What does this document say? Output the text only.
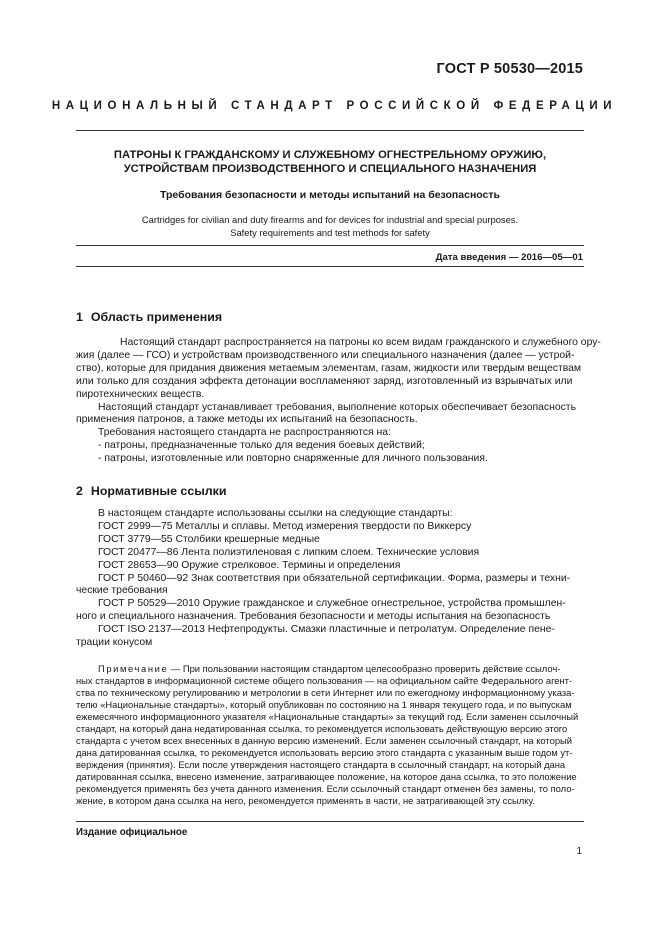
ГОСТ Р 50530—2015
НАЦИОНАЛЬНЫЙ СТАНДАРТ РОССИЙСКОЙ ФЕДЕРАЦИИ
ПАТРОНЫ К ГРАЖДАНСКОМУ И СЛУЖЕБНОМУ ОГНЕСТРЕЛЬНОМУ ОРУЖИЮ,
УСТРОЙСТВАМ ПРОИЗВОДСТВЕННОГО И СПЕЦИАЛЬНОГО НАЗНАЧЕНИЯ
Требования безопасности и методы испытаний на безопасность
Cartridges for civilian and duty firearms and for devices for industrial and special purposes.
Safety requirements and test methods for safety
Дата введения — 2016—05—01
1 Область применения
Настоящий стандарт распространяется на патроны ко всем видам гражданского и служебного ору-
жия (далее — ГСО) и устройствам производственного или специального назначения (далее — устрой-
ство), которые для придания движения метаемым элементам, газам, жидкости или твердым веществам
или только для создания эффекта детонации воспламеняют заряд, изготовленный из взрывчатых или
пиротехнических веществ.
Настоящий стандарт устанавливает требования, выполнение которых обеспечивает безопасность
применения патронов, а также методы их испытаний на безопасность.
Требования настоящего стандарта не распространяются на:
- патроны, предназначенные только для ведения боевых действий;
- патроны, изготовленные или повторно снаряженные для личного пользования.
2 Нормативные ссылки
В настоящем стандарте использованы ссылки на следующие стандарты:
ГОСТ 2999—75 Металлы и сплавы. Метод измерения твердости по Виккерсу
ГОСТ 3779—55 Столбики крешерные медные
ГОСТ 20477—86 Лента полиэтиленовая с липким слоем. Технические условия
ГОСТ 28653—90 Оружие стрелковое. Термины и определения
ГОСТ Р 50460—92 Знак соответствия при обязательной сертификации. Форма, размеры и техни-
ческие требования
ГОСТ Р 50529—2010 Оружие гражданское и служебное огнестрельное, устройства промышлен-
ного и специального назначения. Требования безопасности и методы испытания на безопасность
ГОСТ ISO 2137—2013 Нефтепродукты. Смазки пластичные и петролатум. Определение пене-
трации конусом
Примечание — При пользовании настоящим стандартом целесообразно проверить действие ссылоч-
ных стандартов в информационной системе общего пользования — на официальном сайте Федерального агент-
ства по техническому регулированию и метрологии в сети Интернет или по ежегодному информационному указа-
телю «Национальные стандарты», который опубликован по состоянию на 1 января текущего года, и по выпускам
ежемесячного информационного указателя «Национальные стандарты» за текущий год. Если заменен ссылочный
стандарт, на который дана недатированная ссылка, то рекомендуется использовать действующую версию этого
стандарта с учетом всех внесенных в данную версию изменений. Если заменен ссылочный стандарт, на который
дана датированная ссылка, то рекомендуется использовать версию этого стандарта с указанным выше годом ут-
верждения (принятия). Если после утверждения настоящего стандарта в ссылочный стандарт, на который дана
датированная ссылка, внесено изменение, затрагивающее положение, на которое дана ссылка, то это положение
рекомендуется применять без учета данного изменения. Если ссылочный стандарт отменен без замены, то поло-
жение, в котором дана ссылка на него, рекомендуется применять в части, не затрагивающей эту ссылку.
Издание официальное
1
